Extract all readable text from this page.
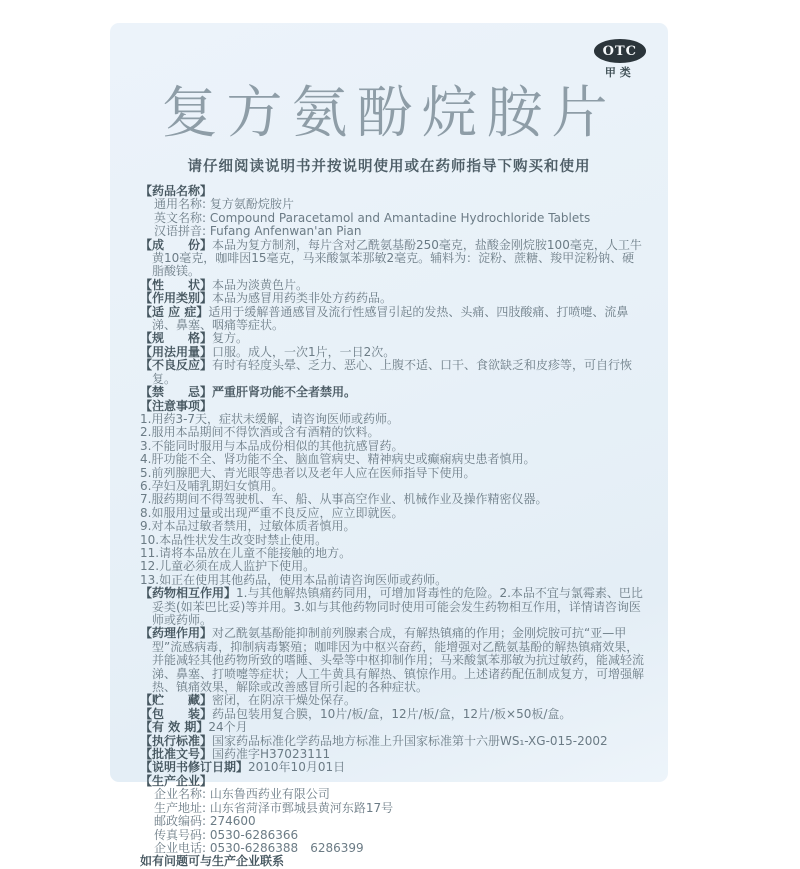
OTC
甲类
复方氨酚烷胺片
请仔细阅读说明书并按说明使用或在药师指导下购买和使用

【药品名称】

通用名称: 复方氨酚烷胺片

英文名称: Compound Paracetamol and Amantadine Hydrochloride Tablets

汉语拼音: Fufang Anfenwan'an Pian

【成　　份】本品为复方制剂，每片含对乙酰氨基酚250毫克，盐酸金刚烷胺100毫克，人工牛黄10毫克，咖啡因15毫克，马来酸氯苯那敏2毫克。辅料为：淀粉、蔗糖、羧甲淀粉钠、硬脂酸镁。

【性　　状】本品为淡黄色片。

【作用类别】本品为感冒用药类非处方药药品。

【适 应 症】适用于缓解普通感冒及流行性感冒引起的发热、头痛、四肢酸痛、打喷嚏、流鼻涕、鼻塞、咽痛等症状。

【规　　格】复方。

【用法用量】口服。成人，一次1片，一日2次。

【不良反应】有时有轻度头晕、乏力、恶心、上腹不适、口干、食欲缺乏和皮疹等，可自行恢复。

【禁　　忌】严重肝肾功能不全者禁用。

【注意事项】

1.用药3-7天，症状未缓解，请咨询医师或药师。

2.服用本品期间不得饮酒或含有酒精的饮料。

3.不能同时服用与本品成份相似的其他抗感冒药。

4.肝功能不全、肾功能不全、脑血管病史、精神病史或癫痫病史患者慎用。

5.前列腺肥大、青光眼等患者以及老年人应在医师指导下使用。

6.孕妇及哺乳期妇女慎用。

7.服药期间不得驾驶机、车、船、从事高空作业、机械作业及操作精密仪器。

8.如服用过量或出现严重不良反应，应立即就医。

9.对本品过敏者禁用，过敏体质者慎用。

10.本品性状发生改变时禁止使用。

11.请将本品放在儿童不能接触的地方。

12.儿童必须在成人监护下使用。

13.如正在使用其他药品，使用本品前请咨询医师或药师。

【药物相互作用】1.与其他解热镇痛药同用，可增加肾毒性的危险。2.本品不宜与氯霉素、巴比妥类(如苯巴比妥)等并用。3.如与其他药物同时使用可能会发生药物相互作用，详情请咨询医师或药师。

【药理作用】对乙酰氨基酚能抑制前列腺素合成，有解热镇痛的作用；金刚烷胺可抗“亚—甲型”流感病毒，抑制病毒繁殖；咖啡因为中枢兴奋药，能增强对乙酰氨基酚的解热镇痛效果，并能减轻其他药物所致的嗜睡、头晕等中枢抑制作用；马来酸氯苯那敏为抗过敏药，能减轻流涕、鼻塞、打喷嚏等症状；人工牛黄具有解热、镇惊作用。上述诸药配伍制成复方，可增强解热、镇痛效果，解除或改善感冒所引起的各种症状。

【贮　　藏】密闭，在阴凉干燥处保存。

【包　　装】药品包装用复合膜，10片/板/盒，12片/板/盒，12片/板×50板/盒。

【有 效 期】24个月

【执行标准】国家药品标准化学药品地方标准上升国家标准第十六册WS₁-XG-015-2002

【批准文号】国药准字H37023111

【说明书修订日期】2010年10月01日

【生产企业】

企业名称: 山东鲁西药业有限公司

生产地址: 山东省菏泽市鄄城县黄河东路17号

邮政编码: 274600

传真号码: 0530-6286366

企业电话: 0530-6286388　6286399

如有问题可与生产企业联系
